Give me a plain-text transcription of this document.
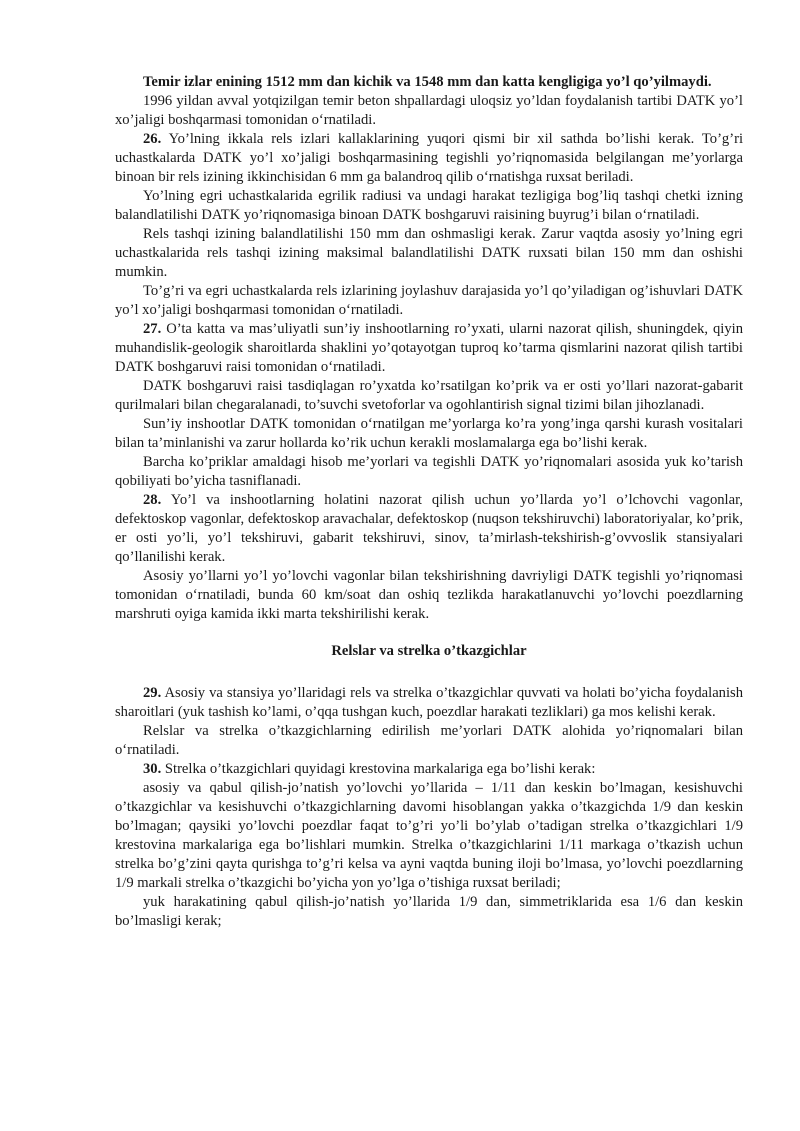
Temir izlar enining 1512 mm dan kichik va 1548 mm dan katta kengligiga yo’l qo’yilmaydi.

1996 yildan avval yotqizilgan temir beton shpallardagi uloqsiz yo’ldan foydalanish tartibi DATK yo’l xo’jaligi boshqarmasi tomonidan o‘rnatiladi.

26. Yo’lning ikkala rels izlari kallaklarining yuqori qismi bir xil sathda bo’lishi kerak. To’g’ri uchastkalarda DATK yo’l xo’jaligi boshqarmasining tegishli yo’riqnomasida belgilangan me’yorlarga binoan bir rels izining ikkinchisidan 6 mm ga balandroq qilib o‘rnatishga ruxsat beriladi.

Yo’lning egri uchastkalarida egrilik radiusi va undagi harakat tezligiga bog’liq tashqi chetki izning balandlatilishi DATK yo’riqnomasiga binoan DATK boshgaruvi raisining buyrug’i bilan o‘rnatiladi.

Rels tashqi izining balandlatilishi 150 mm dan oshmasligi kerak. Zarur vaqtda asosiy yo’lning egri uchastkalarida rels tashqi izining maksimal balandlatilishi DATK ruxsati bilan 150 mm dan oshishi mumkin.

To’g’ri va egri uchastkalarda rels izlarining joylashuv darajasida yo’l qo’yiladigan og’ishuvlari DATK yo’l xo’jaligi boshqarmasi tomonidan o‘rnatiladi.

27. O’ta katta va mas’uliyatli sun’iy inshootlarning ro’yxati, ularni nazorat qilish, shuningdek, qiyin muhandislik-geologik sharoitlarda shaklini yo’qotayotgan tuproq ko’tarma qismlarini nazorat qilish tartibi DATK boshgaruvi raisi tomonidan o‘rnatiladi.

DATK boshgaruvi raisi tasdiqlagan ro’yxatda ko’rsatilgan ko’prik va er osti yo’llari nazorat-gabarit qurilmalari bilan chegaralanadi, to’suvchi svetoforlar va ogohlantirish signal tizimi bilan jihozlanadi.

Sun’iy inshootlar DATK tomonidan o‘rnatilgan me’yorlarga ko’ra yong’inga qarshi kurash vositalari bilan ta’minlanishi va zarur hollarda ko’rik uchun kerakli moslamalarga ega bo’lishi kerak.

Barcha ko’priklar amaldagi hisob me’yorlari va tegishli DATK yo’riqnomalari asosida yuk ko’tarish qobiliyati bo’yicha tasniflanadi.

28. Yo’l va inshootlarning holatini nazorat qilish uchun yo’llarda yo’l o’lchovchi vagonlar, defektoskop vagonlar, defektoskop aravachalar, defektoskop (nuqson tekshiruvchi) laboratoriyalar, ko’prik, er osti yo’li, yo’l tekshiruvi, gabarit tekshiruvi, sinov, ta’mirlash-tekshirish-g’ovvoslik stansiyalari qo’llanilishi kerak.

Asosiy yo’llarni yo’l yo’lovchi vagonlar bilan tekshirishning davriyligi DATK tegishli yo’riqnomasi tomonidan o‘rnatiladi, bunda 60 km/soat dan oshiq tezlikda harakatlanuvchi yo’lovchi poezdlarning marshruti oyiga kamida ikki marta tekshirilishi kerak.

Relslar va strelka o’tkazgichlar

29. Asosiy va stansiya yo’llaridagi rels va strelka o’tkazgichlar quvvati va holati bo’yicha foydalanish sharoitlari (yuk tashish ko’lami, o’qqa tushgan kuch, poezdlar harakati tezliklari) ga mos kelishi kerak.

Relslar va strelka o’tkazgichlarning edirilish me’yorlari DATK alohida yo’riqnomalari bilan o‘rnatiladi.

30. Strelka o’tkazgichlari quyidagi krestovina markalariga ega bo’lishi kerak:

asosiy va qabul qilish-jo’natish yo’lovchi yo’llarida – 1/11 dan keskin bo’lmagan, kesishuvchi o’tkazgichlar va kesishuvchi o’tkazgichlarning davomi hisoblangan yakka o’tkazgichda 1/9 dan keskin bo’lmagan; qaysiki yo’lovchi poezdlar faqat to’g’ri yo’li bo’ylab o’tadigan strelka o’tkazgichlari 1/9 krestovina markalariga ega bo’lishlari mumkin. Strelka o’tkazgichlarini 1/11 markaga o’tkazish uchun strelka bo’g’zini qayta qurishga to’g’ri kelsa va ayni vaqtda buning iloji bo’lmasa, yo’lovchi poezdlarning 1/9 markali strelka o’tkazgichi bo’yicha yon yo’lga o’tishiga ruxsat beriladi;

yuk harakatining qabul qilish-jo’natish yo’llarida 1/9 dan, simmetriklarida esa 1/6 dan keskin bo’lmasligi kerak;
